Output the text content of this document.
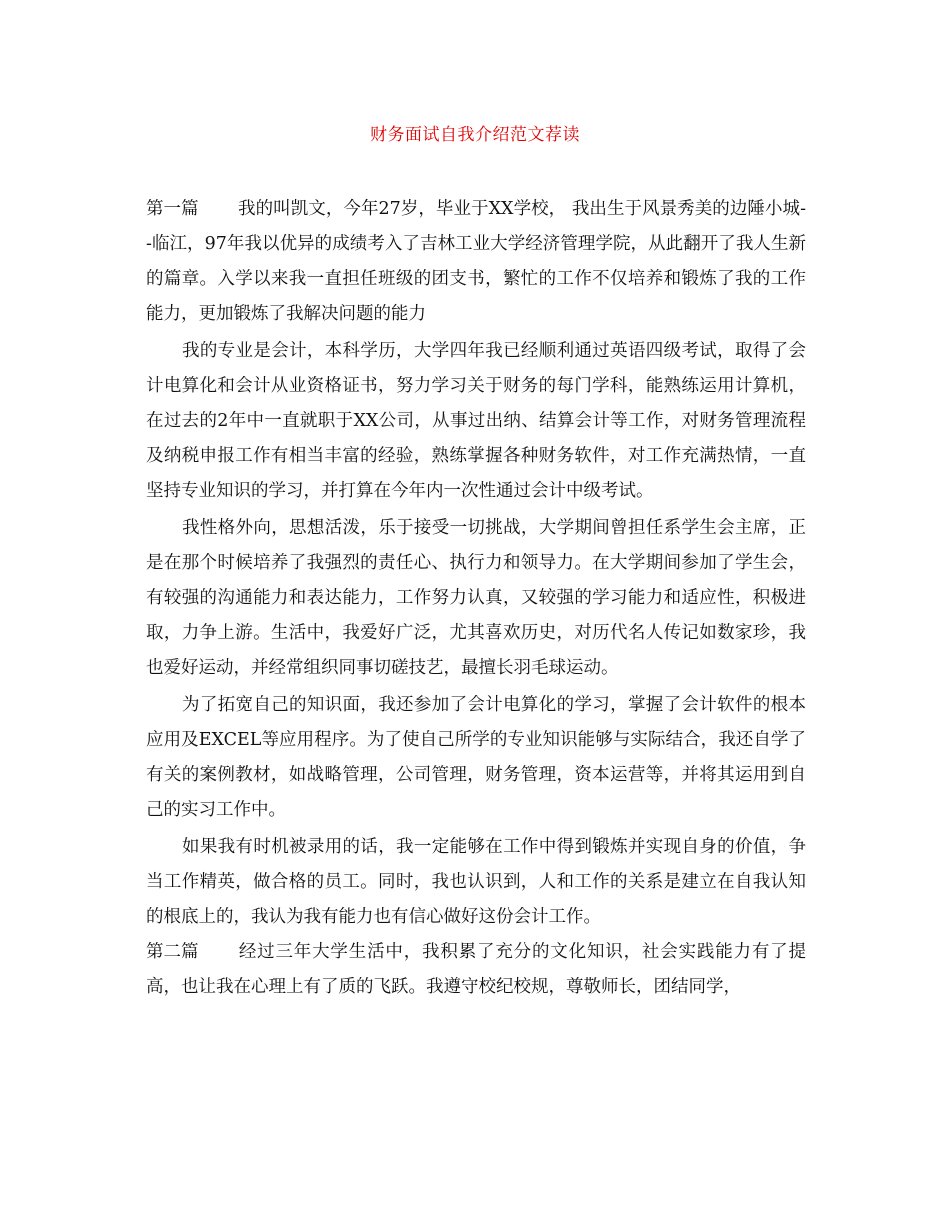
财务面试自我介绍范文荐读

第一篇 我的叫凯文，今年27岁，毕业于XX学校， 我出生于风景秀美的边陲小城--临江，97年我以优异的成绩考入了吉林工业大学经济管理学院，从此翻开了我人生新的篇章。入学以来我一直担任班级的团支书，繁忙的工作不仅培养和锻炼了我的工作能力，更加锻炼了我解决问题的能力

我的专业是会计，本科学历，大学四年我已经顺利通过英语四级考试，取得了会计电算化和会计从业资格证书，努力学习关于财务的每门学科，能熟练运用计算机，在过去的2年中一直就职于XX公司，从事过出纳、结算会计等工作，对财务管理流程及纳税申报工作有相当丰富的经验，熟练掌握各种财务软件，对工作充满热情，一直坚持专业知识的学习，并打算在今年内一次性通过会计中级考试。

我性格外向，思想活泼，乐于接受一切挑战，大学期间曾担任系学生会主席，正是在那个时候培养了我强烈的责任心、执行力和领导力。在大学期间参加了学生会，有较强的沟通能力和表达能力，工作努力认真，又较强的学习能力和适应性，积极进取，力争上游。生活中，我爱好广泛，尤其喜欢历史，对历代名人传记如数家珍，我也爱好运动，并经常组织同事切磋技艺，最擅长羽毛球运动。

为了拓宽自己的知识面，我还参加了会计电算化的学习，掌握了会计软件的根本应用及EXCEL等应用程序。为了使自己所学的专业知识能够与实际结合，我还自学了有关的案例教材，如战略管理，公司管理，财务管理，资本运营等，并将其运用到自己的实习工作中。

如果我有时机被录用的话，我一定能够在工作中得到锻炼并实现自身的价值，争当工作精英，做合格的员工。同时，我也认识到，人和工作的关系是建立在自我认知的根底上的，我认为我有能力也有信心做好这份会计工作。

第二篇 经过三年大学生活中，我积累了充分的文化知识，社会实践能力有了提高，也让我在心理上有了质的飞跃。我遵守校纪校规，尊敬师长，团结同学，
